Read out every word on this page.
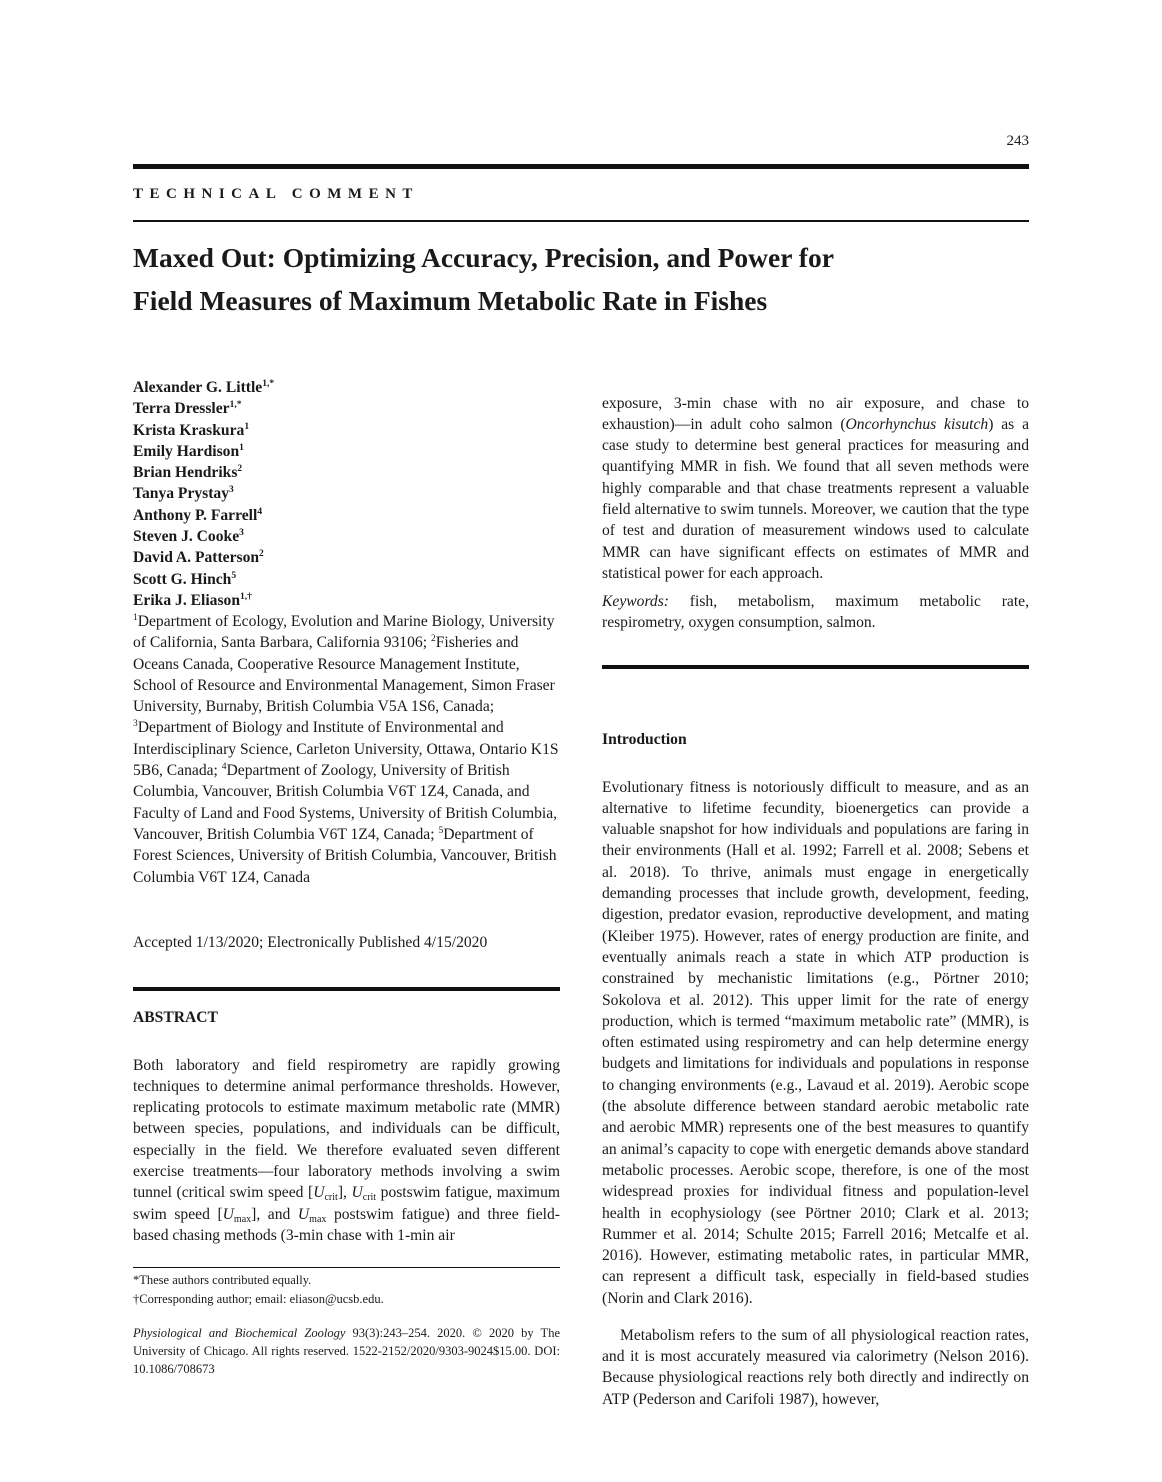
243
TECHNICAL COMMENT
Maxed Out: Optimizing Accuracy, Precision, and Power for
Field Measures of Maximum Metabolic Rate in Fishes
Alexander G. Little$^{1,*}$
Terra Dressler$^{1,*}$
Krista Kraskura$^1$
Emily Hardison$^1$
Brian Hendriks$^2$
Tanya Prystay$^3$
Anthony P. Farrell$^4$
Steven J. Cooke$^3$
David A. Patterson$^2$
Scott G. Hinch$^5$
Erika J. Eliason$^{1,\dagger}$

$^1$Department of Ecology, Evolution and Marine Biology, University of California, Santa Barbara, California 93106; $^2$Fisheries and Oceans Canada, Cooperative Resource Management Institute, School of Resource and Environmental Management, Simon Fraser University, Burnaby, British Columbia V5A 1S6, Canada; $^3$Department of Biology and Institute of Environmental and Interdisciplinary Science, Carleton University, Ottawa, Ontario K1S 5B6, Canada; $^4$Department of Zoology, University of British Columbia, Vancouver, British Columbia V6T 1Z4, Canada, and Faculty of Land and Food Systems, University of British Columbia, Vancouver, British Columbia V6T 1Z4, Canada; $^5$Department of Forest Sciences, University of British Columbia, Vancouver, British Columbia V6T 1Z4, Canada

Accepted 1/13/2020; Electronically Published 4/15/2020
ABSTRACT

Both laboratory and field respirometry are rapidly growing techniques to determine animal performance thresholds. However, replicating protocols to estimate maximum metabolic rate (MMR) between species, populations, and individuals can be difficult, especially in the field. We therefore evaluated seven different exercise treatments—four laboratory methods involving a swim tunnel (critical swim speed $[U_{crit}]$, $U_{crit}$ postswim fatigue, maximum swim speed $[U_{max}]$, and $U_{max}$ postswim fatigue) and three field-based chasing methods (3-min chase with 1-min air

*These authors contributed equally.
†Corresponding author; email: eliason@ucsb.edu.
Physiological and Biochemical Zoology 93(3):243–254. 2020. © 2020 by The University of Chicago. All rights reserved. 1522-2152/2020/9303-9024$15.00. DOI: 10.1086/708673

exposure, 3-min chase with no air exposure, and chase to exhaustion)—in adult coho salmon (Oncorhynchus kisutch) as a case study to determine best general practices for measuring and quantifying MMR in fish. We found that all seven methods were highly comparable and that chase treatments represent a valuable field alternative to swim tunnels. Moreover, we caution that the type of test and duration of measurement windows used to calculate MMR can have significant effects on estimates of MMR and statistical power for each approach.

Keywords: fish, metabolism, maximum metabolic rate, respirometry, oxygen consumption, salmon.
Introduction

Evolutionary fitness is notoriously difficult to measure, and as an alternative to lifetime fecundity, bioenergetics can provide a valuable snapshot for how individuals and populations are faring in their environments (Hall et al. 1992; Farrell et al. 2008; Sebens et al. 2018). To thrive, animals must engage in energetically demanding processes that include growth, development, feeding, digestion, predator evasion, reproductive development, and mating (Kleiber 1975). However, rates of energy production are finite, and eventually animals reach a state in which ATP production is constrained by mechanistic limitations (e.g., Pörtner 2010; Sokolova et al. 2012). This upper limit for the rate of energy production, which is termed “maximum metabolic rate” (MMR), is often estimated using respirometry and can help determine energy budgets and limitations for individuals and populations in response to changing environments (e.g., Lavaud et al. 2019). Aerobic scope (the absolute difference between standard aerobic metabolic rate and aerobic MMR) represents one of the best measures to quantify an animal’s capacity to cope with energetic demands above standard metabolic processes. Aerobic scope, therefore, is one of the most widespread proxies for individual fitness and population-level health in ecophysiology (see Pörtner 2010; Clark et al. 2013; Rummer et al. 2014; Schulte 2015; Farrell 2016; Metcalfe et al. 2016). However, estimating metabolic rates, in particular MMR, can represent a difficult task, especially in field-based studies (Norin and Clark 2016).

Metabolism refers to the sum of all physiological reaction rates, and it is most accurately measured via calorimetry (Nelson 2016). Because physiological reactions rely both directly and indirectly on ATP (Pederson and Carifoli 1987), however,
